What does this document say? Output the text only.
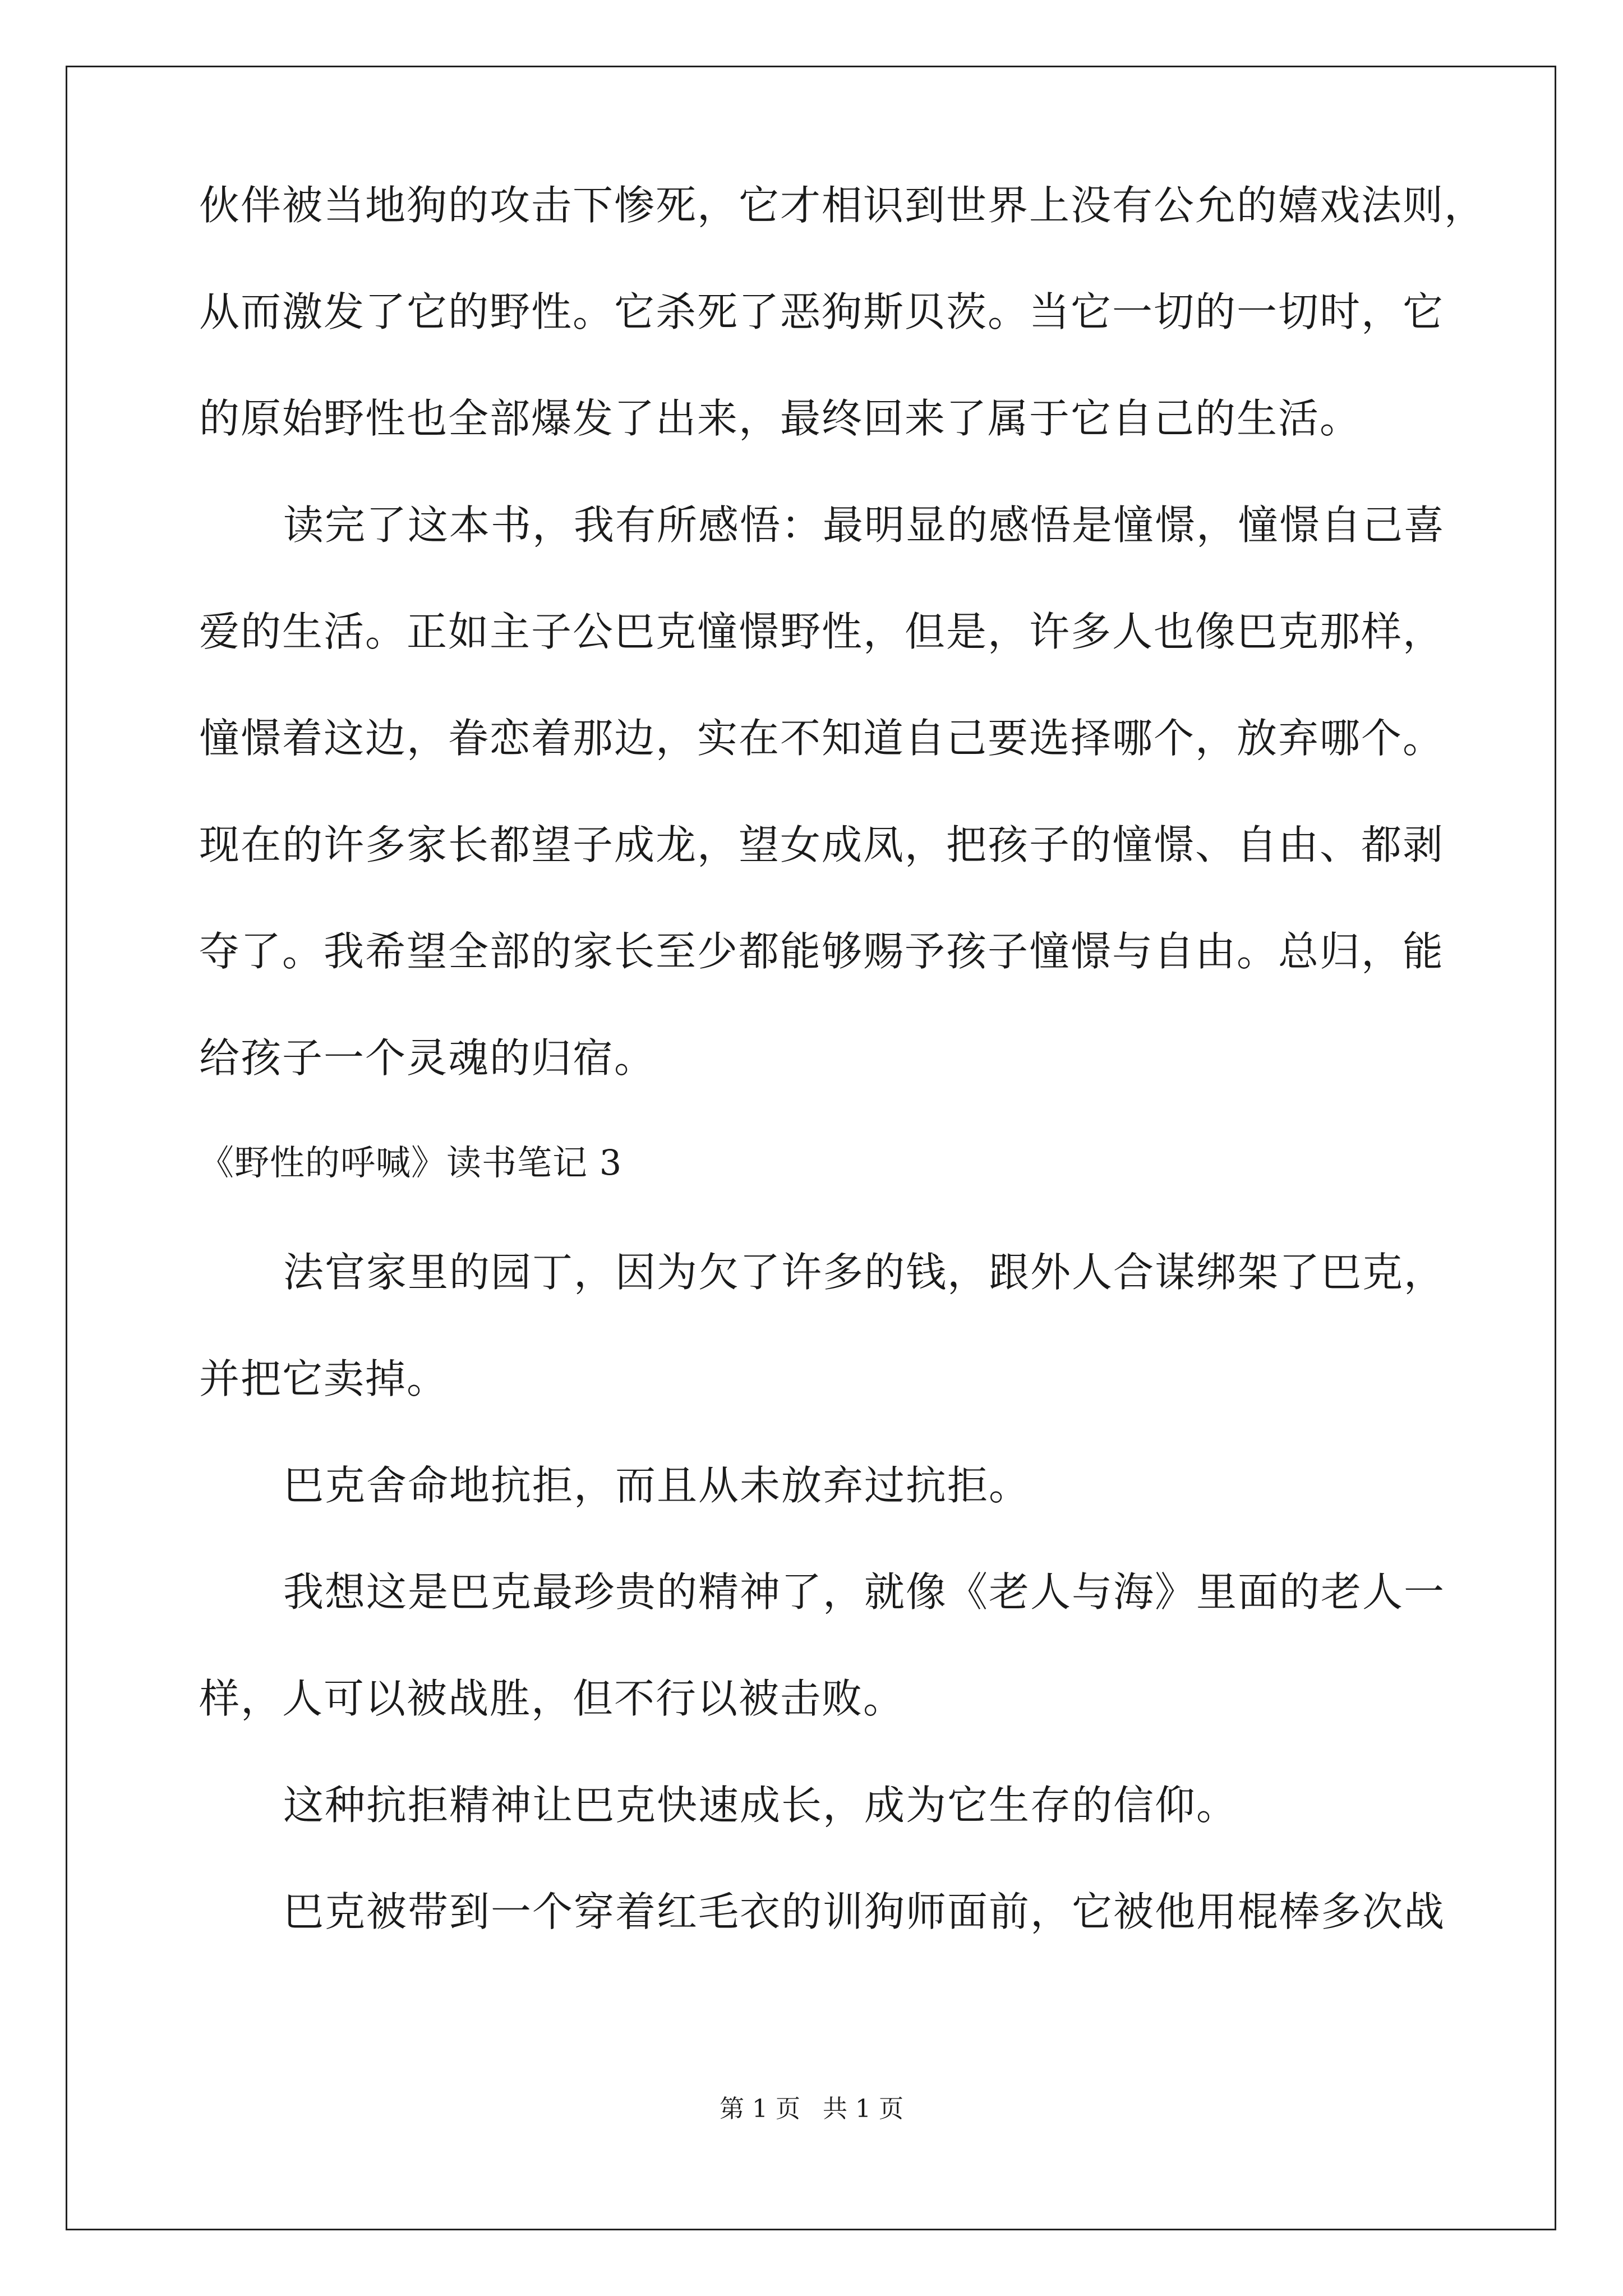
伙伴被当地狗的攻击下惨死，它才相识到世界上没有公允的嬉戏法则，
从而激发了它的野性。它杀死了恶狗斯贝茨。当它一切的一切时，它
的原始野性也全部爆发了出来，最终回来了属于它自己的生活。
读完了这本书，我有所感悟：最明显的感悟是憧憬，憧憬自己喜
爱的生活。正如主子公巴克憧憬野性，但是，许多人也像巴克那样，
憧憬着这边，眷恋着那边，实在不知道自己要选择哪个，放弃哪个。
现在的许多家长都望子成龙，望女成凤，把孩子的憧憬、自由、都剥
夺了。我希望全部的家长至少都能够赐予孩子憧憬与自由。总归，能
给孩子一个灵魂的归宿。
《野性的呼喊》读书笔记 3
法官家里的园丁，因为欠了许多的钱，跟外人合谋绑架了巴克，
并把它卖掉。
巴克舍命地抗拒，而且从未放弃过抗拒。
我想这是巴克最珍贵的精神了，就像《老人与海》里面的老人一
样，人可以被战胜，但不行以被击败。
这种抗拒精神让巴克快速成长，成为它生存的信仰。
巴克被带到一个穿着红毛衣的训狗师面前，它被他用棍棒多次战
第 1 页 共 1 页
